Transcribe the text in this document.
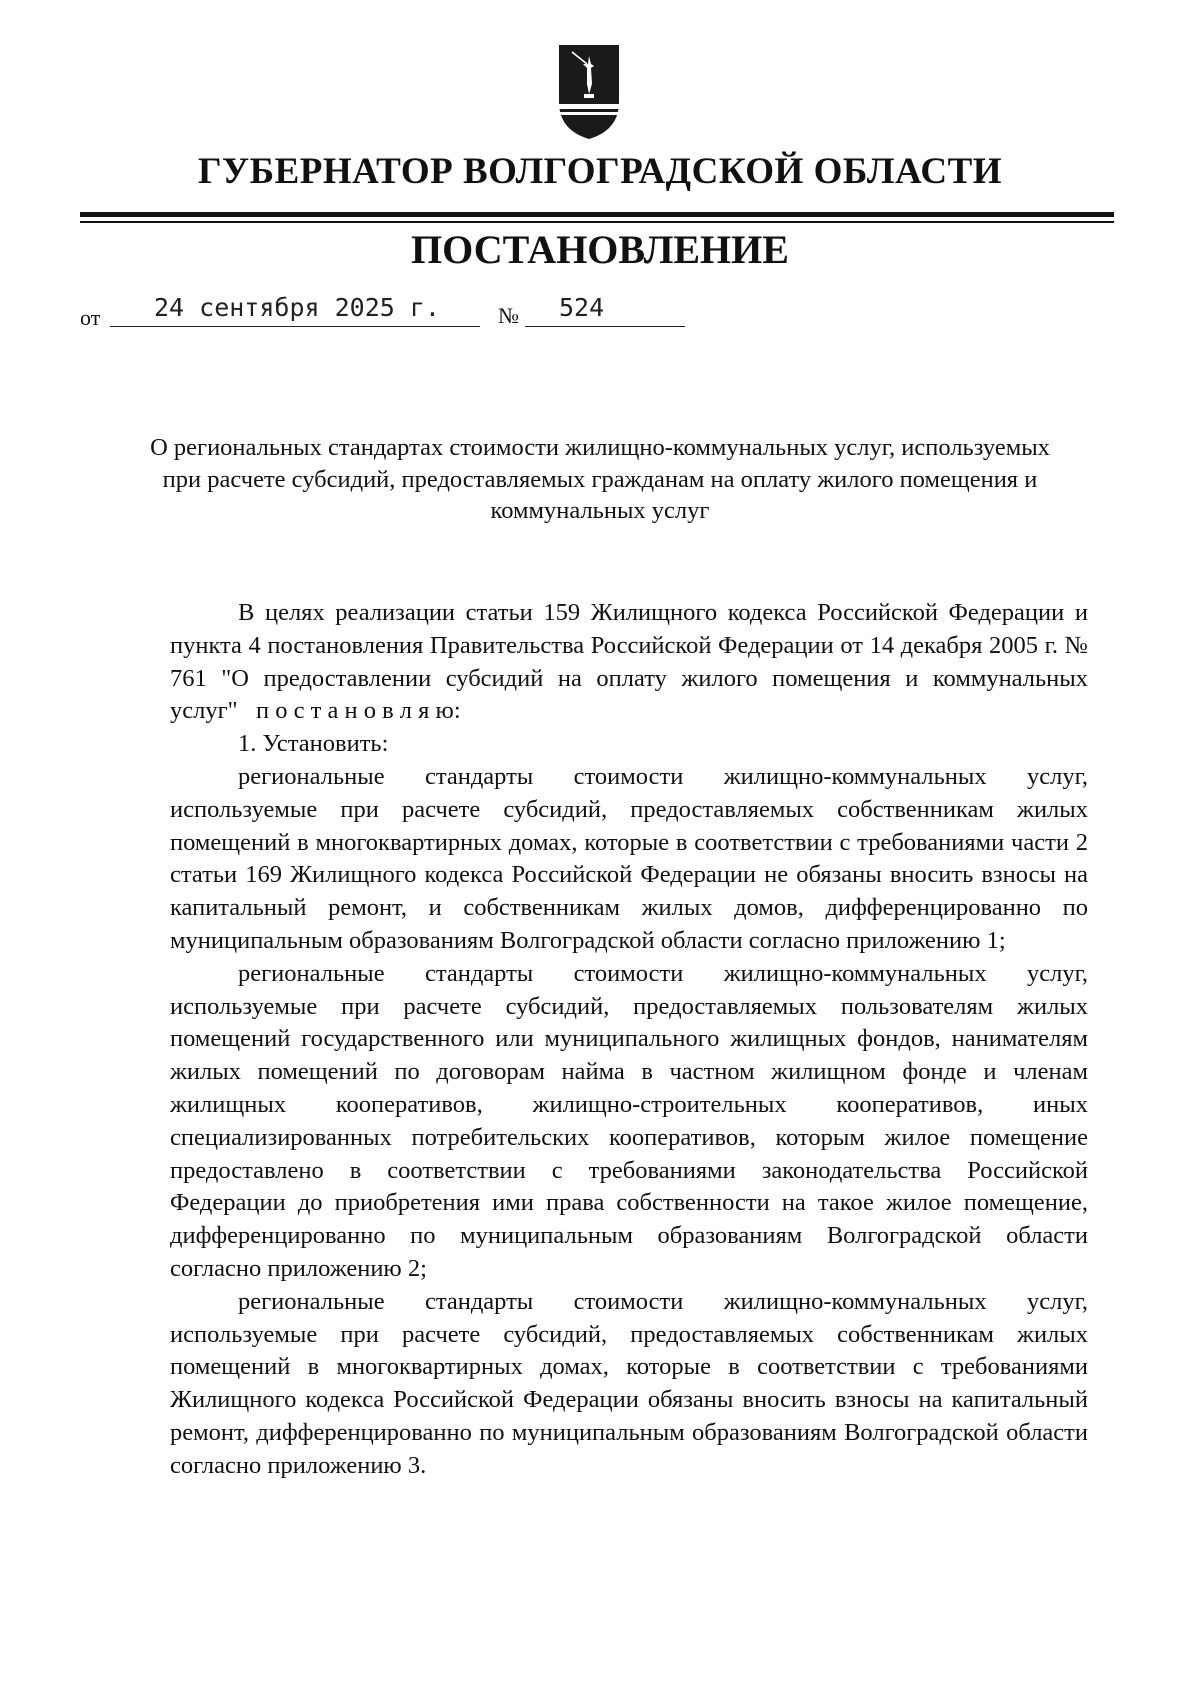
ГУБЕРНАТОР ВОЛГОГРАДСКОЙ ОБЛАСТИ
ПОСТАНОВЛЕНИЕ
от	24 сентября 2025 г.	№	524

О региональных стандартах стоимости жилищно-коммунальных услуг, используемых при расчете субсидий, предоставляемых гражданам на оплату жилого помещения и коммунальных услуг

В целях реализации статьи 159 Жилищного кодекса Российской Федерации и пункта 4 постановления Правительства Российской Федерации от 14 декабря 2005 г. № 761 "О предоставлении субсидий на оплату жилого помещения и коммунальных услуг" п о с т а н о в л я ю:

1. Установить:

региональные стандарты стоимости жилищно-коммунальных услуг, используемые при расчете субсидий, предоставляемых собственникам жилых помещений в многоквартирных домах, которые в соответствии с требованиями части 2 статьи 169 Жилищного кодекса Российской Федерации не обязаны вносить взносы на капитальный ремонт, и собственникам жилых домов, дифференцированно по муниципальным образованиям Волгоградской области согласно приложению 1;

региональные стандарты стоимости жилищно-коммунальных услуг, используемые при расчете субсидий, предоставляемых пользователям жилых помещений государственного или муниципального жилищных фондов, нанимателям жилых помещений по договорам найма в частном жилищном фонде и членам жилищных кооперативов, жилищно-строительных кооперативов, иных специализированных потребительских кооперативов, которым жилое помещение предоставлено в соответствии с требованиями законодательства Российской Федерации до приобретения ими права собственности на такое жилое помещение, дифференцированно по муниципальным образованиям Волгоградской области согласно приложению 2;

региональные стандарты стоимости жилищно-коммунальных услуг, используемые при расчете субсидий, предоставляемых собственникам жилых помещений в многоквартирных домах, которые в соответствии с требованиями Жилищного кодекса Российской Федерации обязаны вносить взносы на капитальный ремонт, дифференцированно по муниципальным образованиям Волгоградской области согласно приложению 3.
